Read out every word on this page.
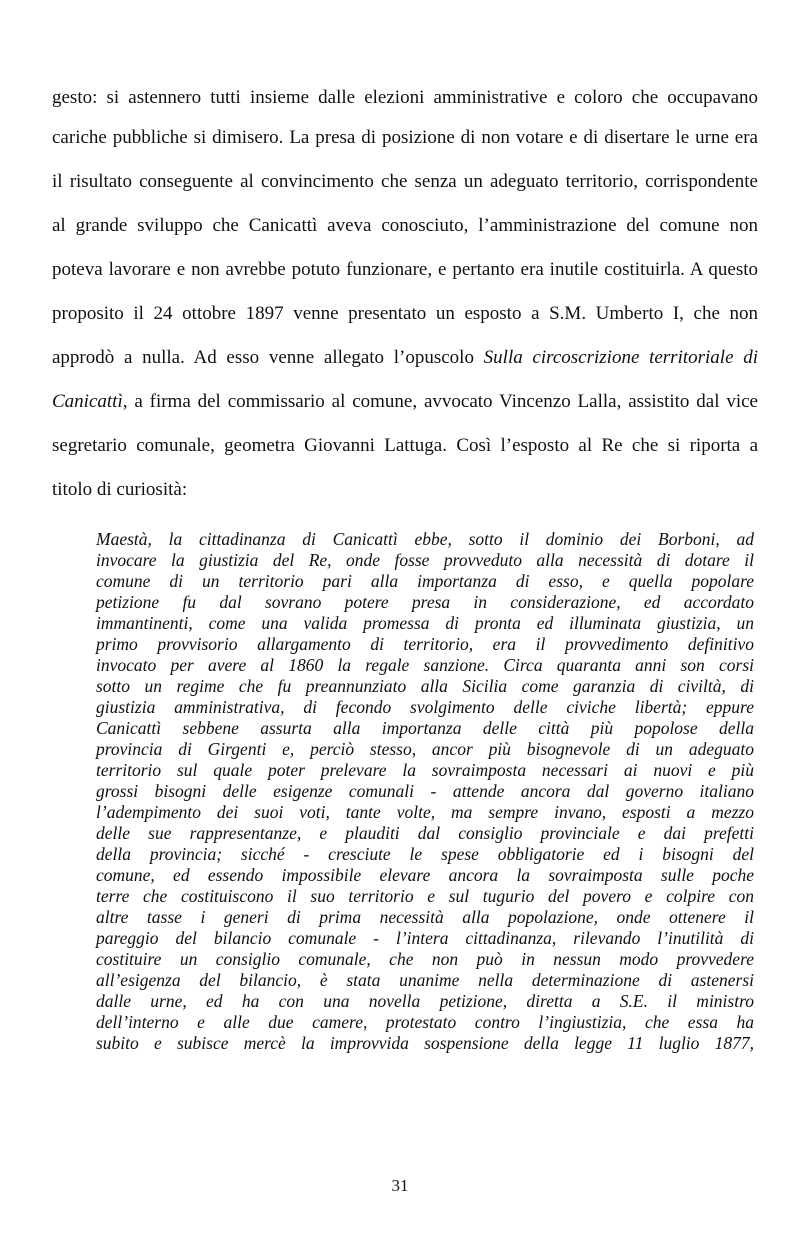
gesto: si astennero tutti insieme dalle elezioni amministrative e coloro che occupavano
cariche pubbliche si dimisero. La presa di posizione di non votare e di disertare le urne era
il risultato conseguente al convincimento che senza un adeguato territorio, corrispondente
al grande sviluppo che Canicattì aveva conosciuto, l’amministrazione del comune non
poteva lavorare e non avrebbe potuto funzionare, e pertanto era inutile costituirla. A questo
proposito il 24 ottobre 1897 venne presentato un esposto a S.M. Umberto I, che non
approdò a nulla. Ad esso venne allegato l’opuscolo Sulla circoscrizione territoriale di
Canicattì, a firma del commissario al comune, avvocato Vincenzo Lalla, assistito dal vice
segretario comunale, geometra Giovanni Lattuga. Così l’esposto al Re che si riporta a
titolo di curiosità:
Maestà, la cittadinanza di Canicattì ebbe, sotto il dominio dei Borboni, ad
invocare la giustizia del Re, onde fosse provveduto alla necessità di dotare il
comune di un territorio pari alla importanza di esso, e quella popolare
petizione fu dal sovrano potere presa in considerazione, ed accordato
immantinenti, come una valida promessa di pronta ed illuminata giustizia, un
primo provvisorio allargamento di territorio, era il provvedimento definitivo
invocato per avere al 1860 la regale sanzione. Circa quaranta anni son corsi
sotto un regime che fu preannunziato alla Sicilia come garanzia di civiltà, di
giustizia amministrativa, di fecondo svolgimento delle civiche libertà; eppure
Canicattì sebbene assurta alla importanza delle città più popolose della
provincia di Girgenti e, perciò stesso, ancor più bisognevole di un adeguato
territorio sul quale poter prelevare la sovraimposta necessari ai nuovi e più
grossi bisogni delle esigenze comunali - attende ancora dal governo italiano
l’adempimento dei suoi voti, tante volte, ma sempre invano, esposti a mezzo
delle sue rappresentanze, e plauditi dal consiglio provinciale e dai prefetti
della provincia; sicché - cresciute le spese obbligatorie ed i bisogni del
comune, ed essendo impossibile elevare ancora la sovraimposta sulle poche
terre che costituiscono il suo territorio e sul tugurio del povero e colpire con
altre tasse i generi di prima necessità alla popolazione, onde ottenere il
pareggio del bilancio comunale - l’intera cittadinanza, rilevando l’inutilità di
costituire un consiglio comunale, che non può in nessun modo provvedere
all’esigenza del bilancio, è stata unanime nella determinazione di astenersi
dalle urne, ed ha con una novella petizione, diretta a S.E. il ministro
dell’interno e alle due camere, protestato contro l’ingiustizia, che essa ha
subito e subisce mercè la improvvida sospensione della legge 11 luglio 1877,
31
